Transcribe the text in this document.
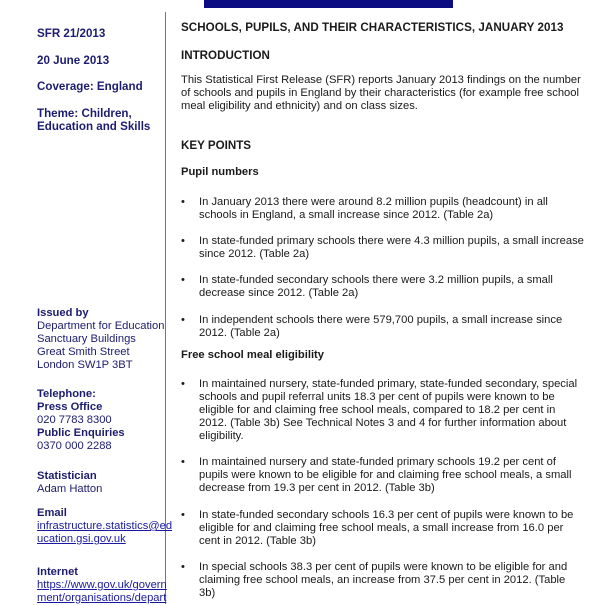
SFR 21/2013
20 June 2013
Coverage: England
Theme: Children,
Education and Skills
Issued by
Department for Education
Sanctuary Buildings
Great Smith Street
London SW1P 3BT
Telephone:
Press Office
020 7783 8300
Public Enquiries
0370 000 2288
Statistician
Adam Hatton
Email
infrastructure.statistics@ed
ucation.gsi.gov.uk
Internet
https://www.gov.uk/govern
ment/organisations/depart
SCHOOLS, PUPILS, AND THEIR CHARACTERISTICS, JANUARY 2013
INTRODUCTION
This Statistical First Release (SFR) reports January 2013 findings on the number
of schools and pupils in England by their characteristics (for example free school
meal eligibility and ethnicity) and on class sizes.
KEY POINTS
Pupil numbers
•	In January 2013 there were around 8.2 million pupils (headcount) in all
schools in England, a small increase since 2012. (Table 2a)
•	In state-funded primary schools there were 4.3 million pupils, a small increase
since 2012. (Table 2a)
•	In state-funded secondary schools there were 3.2 million pupils, a small
decrease since 2012. (Table 2a)
•	In independent schools there were 579,700 pupils, a small increase since
2012. (Table 2a)
Free school meal eligibility
•	In maintained nursery, state-funded primary, state-funded secondary, special
schools and pupil referral units 18.3 per cent of pupils were known to be
eligible for and claiming free school meals, compared to 18.2 per cent in
2012. (Table 3b) See Technical Notes 3 and 4 for further information about
eligibility.
•	In maintained nursery and state-funded primary schools 19.2 per cent of
pupils were known to be eligible for and claiming free school meals, a small
decrease from 19.3 per cent in 2012. (Table 3b)
•	In state-funded secondary schools 16.3 per cent of pupils were known to be
eligible for and claiming free school meals, a small increase from 16.0 per
cent in 2012. (Table 3b)
•	In special schools 38.3 per cent of pupils were known to be eligible for and
claiming free school meals, an increase from 37.5 per cent in 2012. (Table
3b)
